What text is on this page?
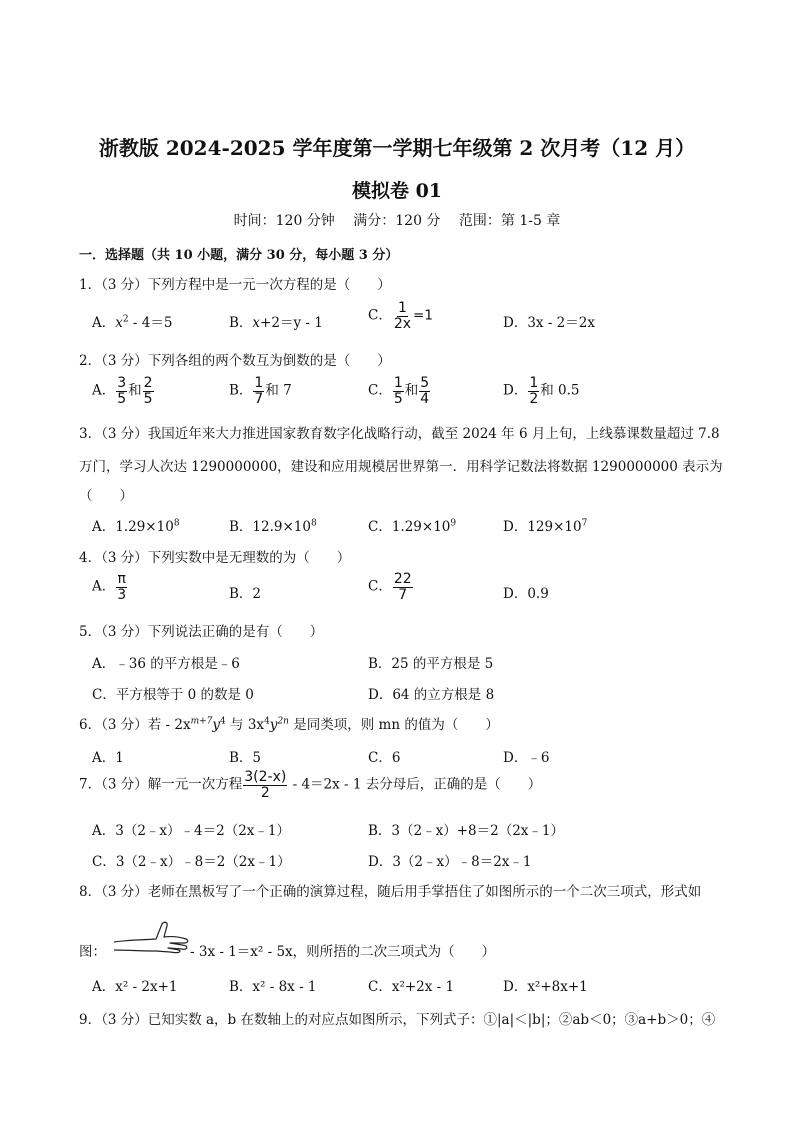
浙教版 2024-2025 学年度第一学期七年级第 2 次月考（12 月）
模拟卷 01
时间：120 分钟　 满分：120 分　 范围：第 1-5 章
一．选择题（共 10 小题，满分 30 分，每小题 3 分）
1．（3 分）下列方程中是一元一次方程的是（　　）
A．$x^2 - 4=5$	B．x+2＝y - 1	C． $\frac{1}{2x} =1$	D．3x - 2＝2x
2．（3 分）下列各组的两个数互为倒数的是（　　）
A． $\frac{3}{5}$ 和 $\frac{2}{5}$	B． $\frac{1}{7}$ 和 7	C． $\frac{1}{5}$ 和 $\frac{5}{4}$	D． $\frac{1}{2}$ 和 0.5
3．（3 分）我国近年来大力推进国家教育数字化战略行动，截至 2024 年 6 月上旬，上线慕课数量超过 7.8
万门，学习人次达 1290000000，建设和应用规模居世界第一．用科学记数法将数据 1290000000 表示为
（　　）
A．$1.29\times 10^8$	B．$12.9\times 10^8$	C．$1.29\times 10^9$	D．$129\times 10^7$
4．（3 分）下列实数中是无理数的为（　　）
A． $\frac{\pi}{3}$	B．2	C． $\frac{22}{7}$	D．0.9
5．（3 分）下列说法正确的是有（　　）
A．﹣36 的平方根是﹣6	B．25 的平方根是 5
C．平方根等于 0 的数是 0	D．64 的立方根是 8
6．（3 分）若 - $2x^{m+7}y^4$ 与 $3x^4y^{2n}$ 是同类项，则 mn 的值为（　　）
A．1	B．5	C．6	D．﹣6
7．（3 分）解一元一次方程 $\frac{3(2-x)}{2} - 4=2x - 1$ 去分母后，正确的是（　　）
A．3（2﹣x）﹣4＝2（2x﹣1）	B．3（2﹣x）+8＝2（2x﹣1）
C．3（2﹣x）﹣8＝2（2x﹣1）	D．3（2﹣x）﹣8＝2x﹣1
8．（3 分）老师在黑板写了一个正确的演算过程，随后用手掌捂住了如图所示的一个二次三项式，形式如
图：	- 3x - 1＝x² - 5x，则所捂的二次三项式为（　　）
A．x² - 2x+1	B．x² - 8x - 1	C．x²+2x - 1	D．x²+8x+1
9．（3 分）已知实数 a，b 在数轴上的对应点如图所示，下列式子：①|a|＜|b|；②ab＜0；③a+b＞0；④
